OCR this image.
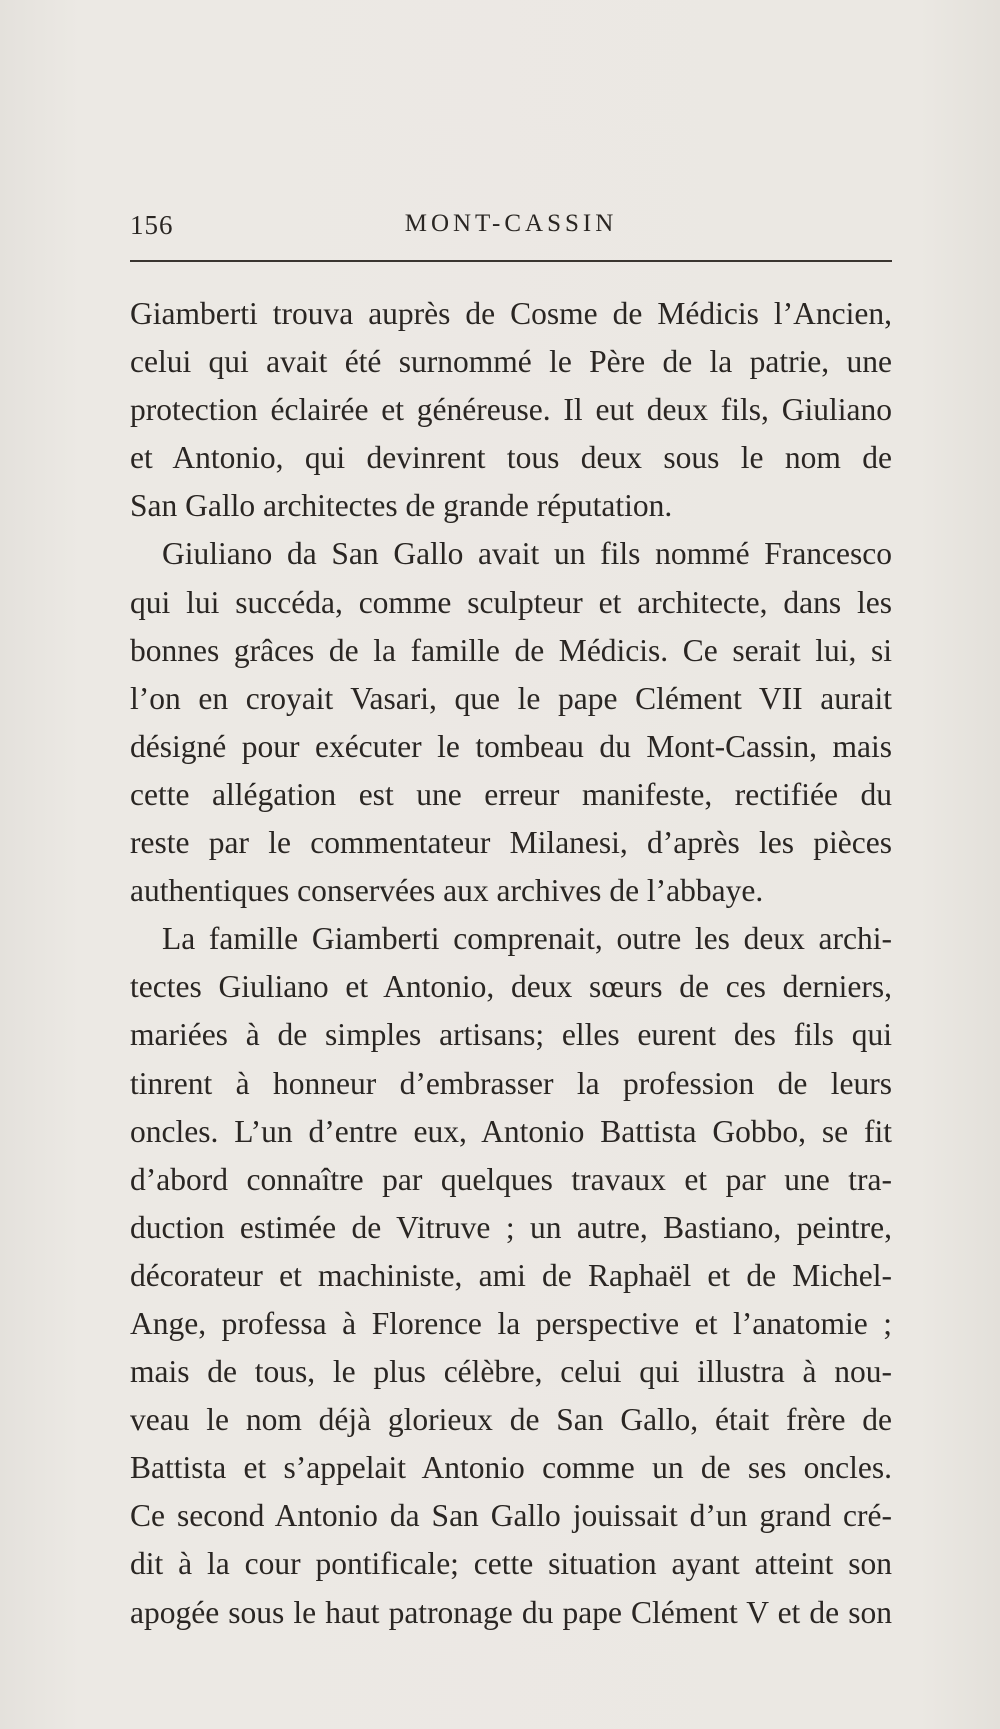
156	MONT-CASSIN
Giamberti trouva auprès de Cosme de Médicis l’Ancien,
celui qui avait été surnommé le Père de la patrie, une
protection éclairée et généreuse. Il eut deux fils, Giuliano
et Antonio, qui devinrent tous deux sous le nom de
San Gallo architectes de grande réputation.
Giuliano da San Gallo avait un fils nommé Francesco
qui lui succéda, comme sculpteur et architecte, dans les
bonnes grâces de la famille de Médicis. Ce serait lui, si
l’on en croyait Vasari, que le pape Clément VII aurait
désigné pour exécuter le tombeau du Mont-Cassin, mais
cette allégation est une erreur manifeste, rectifiée du
reste par le commentateur Milanesi, d’après les pièces
authentiques conservées aux archives de l’abbaye.
La famille Giamberti comprenait, outre les deux archi-
tectes Giuliano et Antonio, deux sœurs de ces derniers,
mariées à de simples artisans; elles eurent des fils qui
tinrent à honneur d’embrasser la profession de leurs
oncles. L’un d’entre eux, Antonio Battista Gobbo, se fit
d’abord connaître par quelques travaux et par une tra-
duction estimée de Vitruve ; un autre, Bastiano, peintre,
décorateur et machiniste, ami de Raphaël et de Michel-
Ange, professa à Florence la perspective et l’anatomie ;
mais de tous, le plus célèbre, celui qui illustra à nou-
veau le nom déjà glorieux de San Gallo, était frère de
Battista et s’appelait Antonio comme un de ses oncles.
Ce second Antonio da San Gallo jouissait d’un grand cré-
dit à la cour pontificale; cette situation ayant atteint son
apogée sous le haut patronage du pape Clément V et de son
